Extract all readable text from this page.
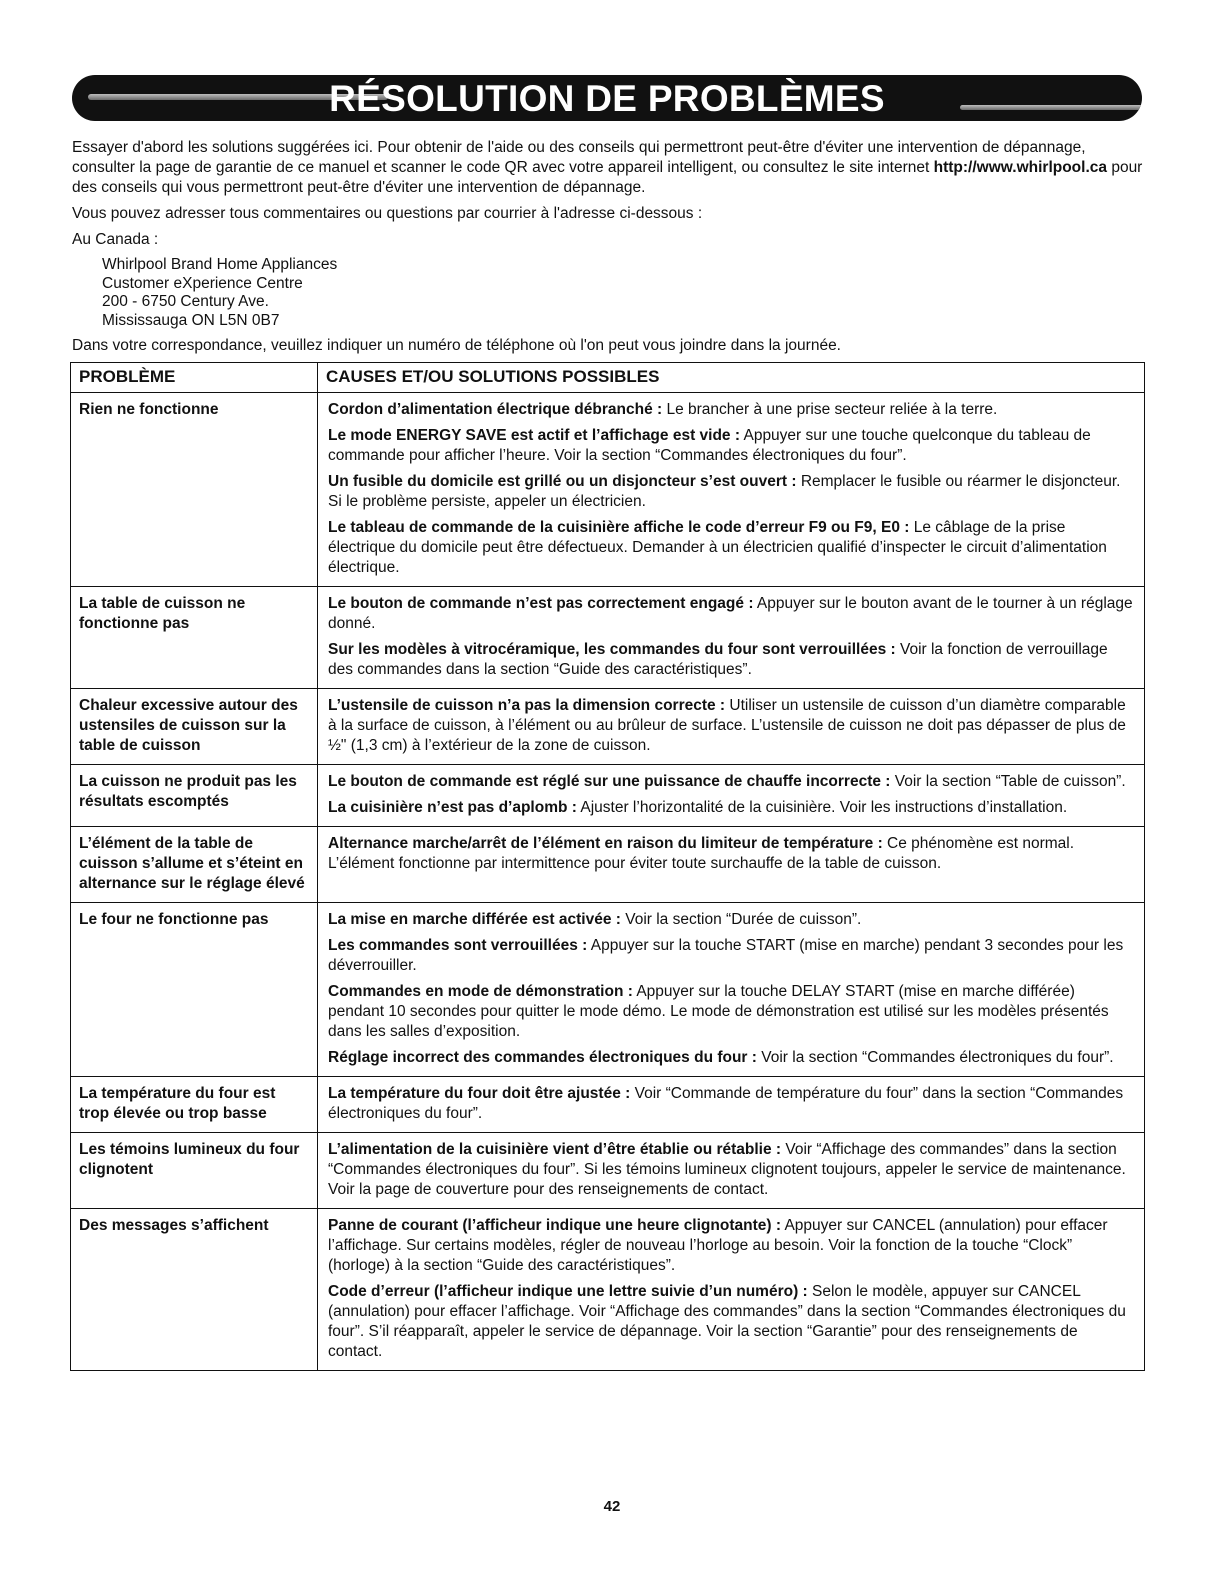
RÉSOLUTION DE PROBLÈMES

Essayer d'abord les solutions suggérées ici. Pour obtenir de l'aide ou des conseils qui permettront peut-être d'éviter une intervention de dépannage, consulter la page de garantie de ce manuel et scanner le code QR avec votre appareil intelligent, ou consultez le site internet http://www.whirlpool.ca pour des conseils qui vous permettront peut-être d'éviter une intervention de dépannage.

Vous pouvez adresser tous commentaires ou questions par courrier à l'adresse ci-dessous :

Au Canada :

Whirlpool Brand Home Appliances
Customer eXperience Centre
200 - 6750 Century Ave.
Mississauga ON L5N 0B7

Dans votre correspondance, veuillez indiquer un numéro de téléphone où l'on peut vous joindre dans la journée.

PROBLÈME	CAUSES ET/OU SOLUTIONS POSSIBLES
Rien ne fonctionne	Cordon d’alimentation électrique débranché : Le brancher à une prise secteur reliée à la terre.
Le mode ENERGY SAVE est actif et l’affichage est vide : Appuyer sur une touche quelconque du tableau de commande pour afficher l’heure. Voir la section “Commandes électroniques du four”.
Un fusible du domicile est grillé ou un disjoncteur s’est ouvert : Remplacer le fusible ou réarmer le disjoncteur. Si le problème persiste, appeler un électricien.
Le tableau de commande de la cuisinière affiche le code d’erreur F9 ou F9, E0 : Le câblage de la prise électrique du domicile peut être défectueux. Demander à un électricien qualifié d’inspecter le circuit d’alimentation électrique.

La table de cuisson ne fonctionne pas	Le bouton de commande n’est pas correctement engagé : Appuyer sur le bouton avant de le tourner à un réglage donné.
Sur les modèles à vitrocéramique, les commandes du four sont verrouillées : Voir la fonction de verrouillage des commandes dans la section “Guide des caractéristiques”.

Chaleur excessive autour des ustensiles de cuisson sur la table de cuisson	L’ustensile de cuisson n’a pas la dimension correcte : Utiliser un ustensile de cuisson d’un diamètre comparable à la surface de cuisson, à l’élément ou au brûleur de surface. L’ustensile de cuisson ne doit pas dépasser de plus de ½" (1,3 cm) à l’extérieur de la zone de cuisson.

La cuisson ne produit pas les résultats escomptés	Le bouton de commande est réglé sur une puissance de chauffe incorrecte : Voir la section “Table de cuisson”.
La cuisinière n’est pas d’aplomb : Ajuster l’horizontalité de la cuisinière. Voir les instructions d’installation.

L’élément de la table de cuisson s’allume et s’éteint en alternance sur le réglage élevé	Alternance marche/arrêt de l’élément en raison du limiteur de température : Ce phénomène est normal. L’élément fonctionne par intermittence pour éviter toute surchauffe de la table de cuisson.

Le four ne fonctionne pas	La mise en marche différée est activée : Voir la section “Durée de cuisson”.
Les commandes sont verrouillées : Appuyer sur la touche START (mise en marche) pendant 3 secondes pour les déverrouiller.
Commandes en mode de démonstration : Appuyer sur la touche DELAY START (mise en marche différée) pendant 10 secondes pour quitter le mode démo. Le mode de démonstration est utilisé sur les modèles présentés dans les salles d’exposition.
Réglage incorrect des commandes électroniques du four : Voir la section “Commandes électroniques du four”.

La température du four est trop élevée ou trop basse	La température du four doit être ajustée : Voir “Commande de température du four” dans la section “Commandes électroniques du four”.

Les témoins lumineux du four clignotent	L’alimentation de la cuisinière vient d’être établie ou rétablie : Voir “Affichage des commandes” dans la section “Commandes électroniques du four”. Si les témoins lumineux clignotent toujours, appeler le service de maintenance. Voir la page de couverture pour des renseignements de contact.

Des messages s’affichent	Panne de courant (l’afficheur indique une heure clignotante) : Appuyer sur CANCEL (annulation) pour effacer l’affichage. Sur certains modèles, régler de nouveau l’horloge au besoin. Voir la fonction de la touche “Clock” (horloge) à la section “Guide des caractéristiques”.
Code d’erreur (l’afficheur indique une lettre suivie d’un numéro) : Selon le modèle, appuyer sur CANCEL (annulation) pour effacer l’affichage. Voir “Affichage des commandes” dans la section “Commandes électroniques du four”. S’il réapparaît, appeler le service de dépannage. Voir la section “Garantie” pour des renseignements de contact.
42
